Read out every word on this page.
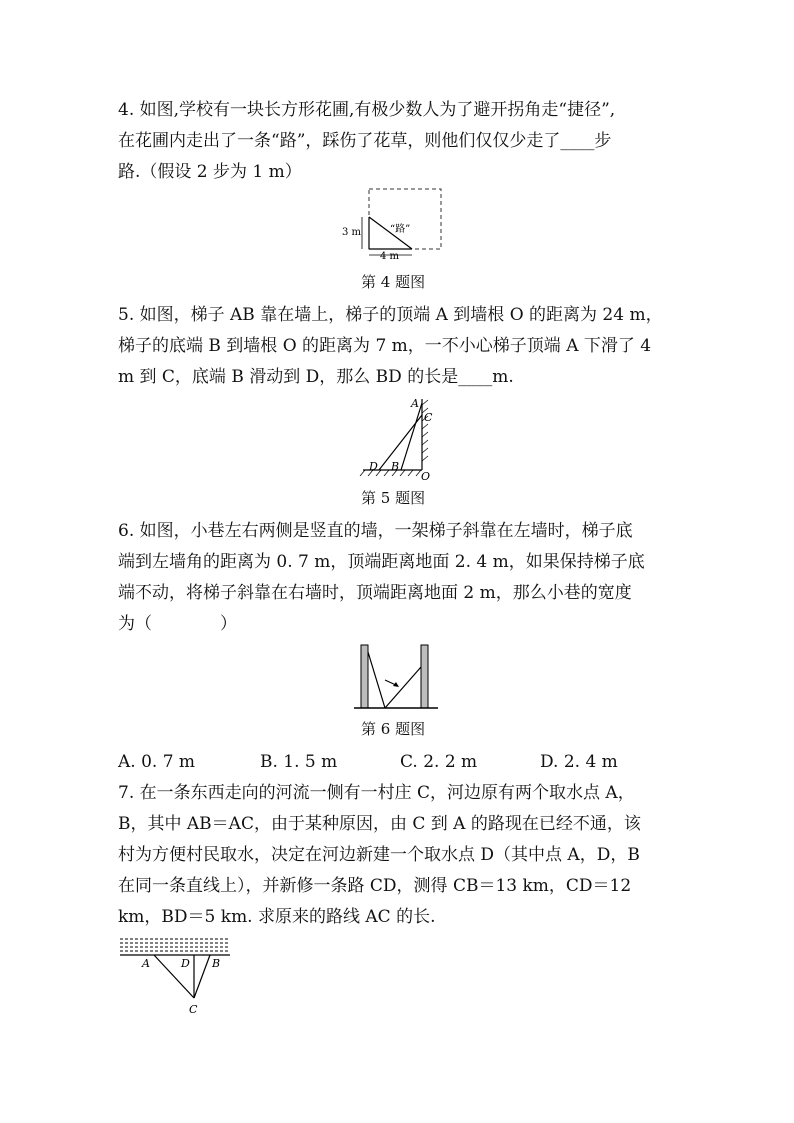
4. 如图,学校有一块长方形花圃,有极少数人为了避开拐角走“捷径”,
在花圃内走出了一条“路”，踩伤了花草，则他们仅仅少走了____步
路.（假设 2 步为 1 m）
3 m
4 m
“路”
第 4 题图
5. 如图，梯子 AB 靠在墙上，梯子的顶端 A 到墙根 O 的距离为 24 m，
梯子的底端 B 到墙根 O 的距离为 7 m，一不小心梯子顶端 A 下滑了 4
m 到 C，底端 B 滑动到 D，那么 BD 的长是____m.
A
C
D B
O
第 5 题图
6. 如图，小巷左右两侧是竖直的墙，一架梯子斜靠在左墙时，梯子底
端到左墙角的距离为 0. 7 m，顶端距离地面 2. 4 m，如果保持梯子底
端不动，将梯子斜靠在右墙时，顶端距离地面 2 m，那么小巷的宽度
为（　　　　）
第 6 题图
A. 0. 7 m	B. 1. 5 m	C. 2. 2 m	D. 2. 4 m
7. 在一条东西走向的河流一侧有一村庄 C，河边原有两个取水点 A，
B，其中 AB＝AC，由于某种原因，由 C 到 A 的路现在已经不通，该
村为方便村民取水，决定在河边新建一个取水点 D（其中点 A，D，B
在同一条直线上），并新修一条路 CD，测得 CB＝13 km，CD＝12
km，BD＝5 km. 求原来的路线 AC 的长.
A	D B
C
